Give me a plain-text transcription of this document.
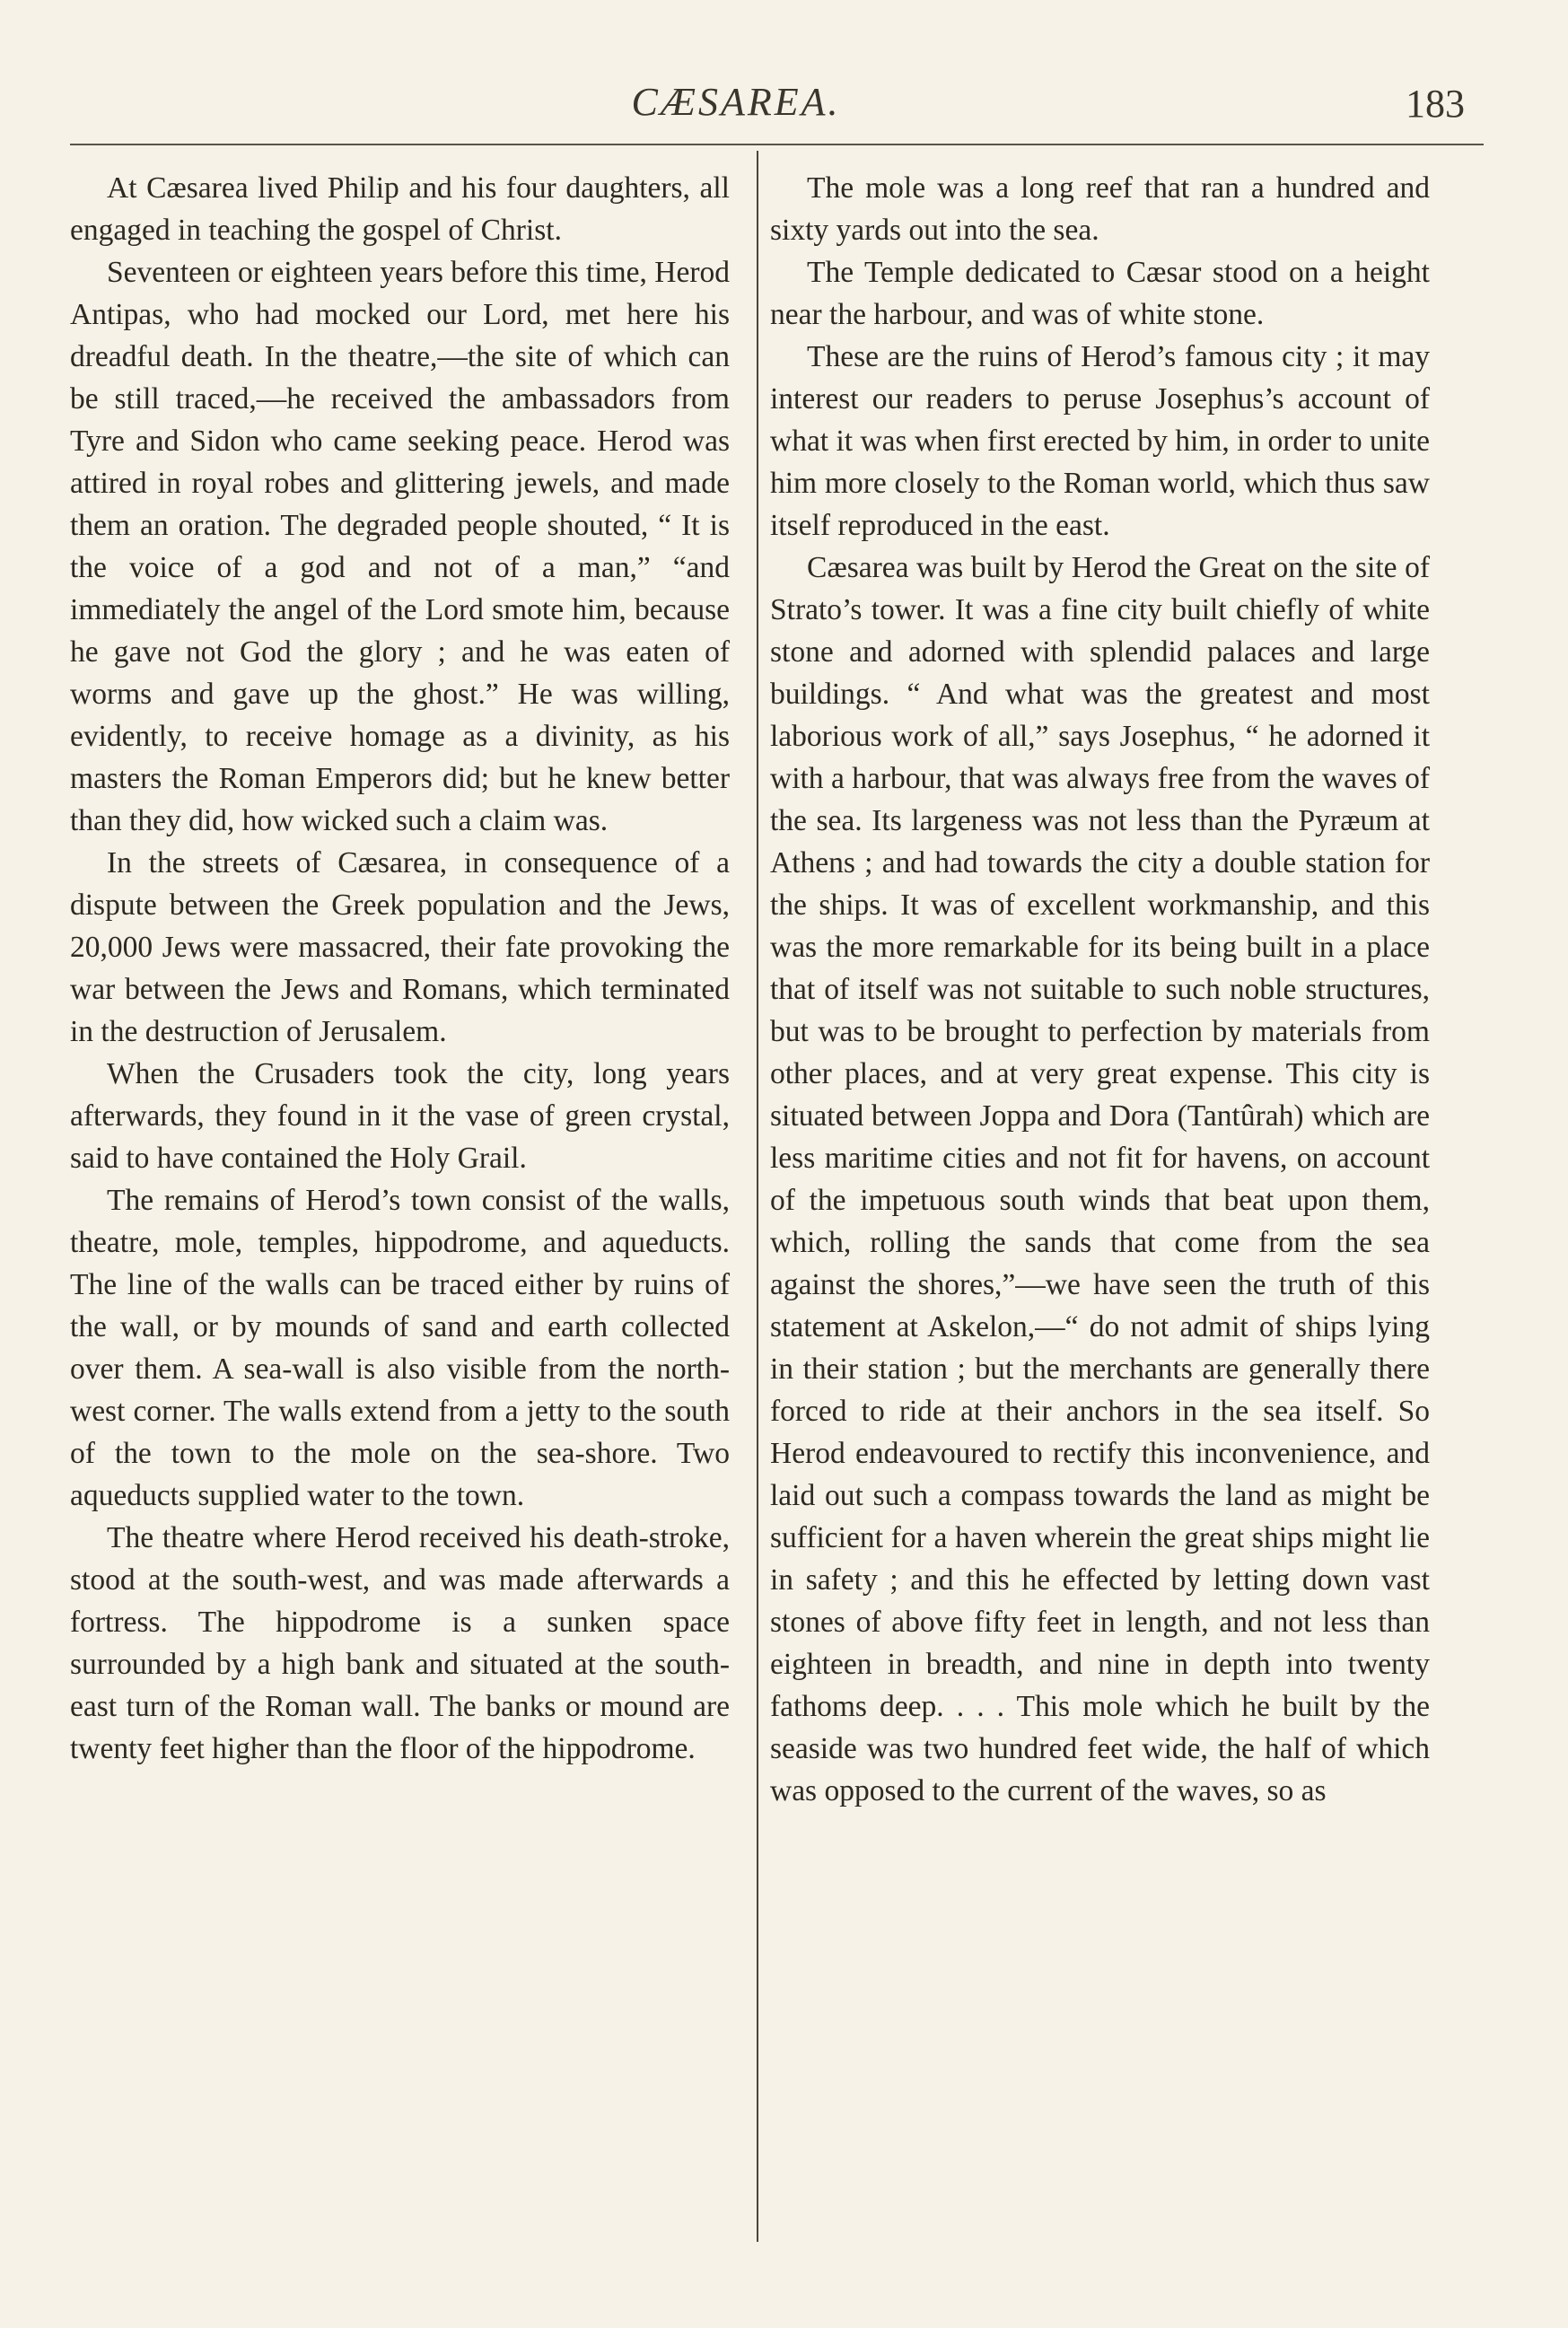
CÆSAREA.	183

At Cæsarea lived Philip and his four daughters, all engaged in teaching the gospel of Christ.

Seventeen or eighteen years before this time, Herod Antipas, who had mocked our Lord, met here his dreadful death. In the theatre,—the site of which can be still traced,—he received the ambassadors from Tyre and Sidon who came seeking peace. Herod was attired in royal robes and glittering jewels, and made them an oration. The degraded people shouted, “ It is the voice of a god and not of a man,” “and immediately the angel of the Lord smote him, because he gave not God the glory ; and he was eaten of worms and gave up the ghost.” He was willing, evidently, to receive homage as a divinity, as his masters the Roman Emperors did; but he knew better than they did, how wicked such a claim was.

In the streets of Cæsarea, in consequence of a dispute between the Greek population and the Jews, 20,000 Jews were massacred, their fate provoking the war between the Jews and Romans, which terminated in the destruction of Jerusalem.

When the Crusaders took the city, long years afterwards, they found in it the vase of green crystal, said to have contained the Holy Grail.

The remains of Herod’s town consist of the walls, theatre, mole, temples, hippodrome, and aqueducts. The line of the walls can be traced either by ruins of the wall, or by mounds of sand and earth collected over them. A sea-wall is also visible from the north-west corner. The walls extend from a jetty to the south of the town to the mole on the sea-shore. Two aqueducts supplied water to the town.

The theatre where Herod received his death-stroke, stood at the south-west, and was made afterwards a fortress. The hippodrome is a sunken space surrounded by a high bank and situated at the south-east turn of the Roman wall. The banks or mound are twenty feet higher than the floor of the hippodrome.

The mole was a long reef that ran a hundred and sixty yards out into the sea.

The Temple dedicated to Cæsar stood on a height near the harbour, and was of white stone.

These are the ruins of Herod’s famous city ; it may interest our readers to peruse Josephus’s account of what it was when first erected by him, in order to unite him more closely to the Roman world, which thus saw itself reproduced in the east.

Cæsarea was built by Herod the Great on the site of Strato’s tower. It was a fine city built chiefly of white stone and adorned with splendid palaces and large buildings. “ And what was the greatest and most laborious work of all,” says Josephus, “ he adorned it with a harbour, that was always free from the waves of the sea. Its largeness was not less than the Pyræum at Athens ; and had towards the city a double station for the ships. It was of excellent workmanship, and this was the more remarkable for its being built in a place that of itself was not suitable to such noble structures, but was to be brought to perfection by materials from other places, and at very great expense. This city is situated between Joppa and Dora (Tantûrah) which are less maritime cities and not fit for havens, on account of the impetuous south winds that beat upon them, which, rolling the sands that come from the sea against the shores,”—we have seen the truth of this statement at Askelon,—“ do not admit of ships lying in their station ; but the merchants are generally there forced to ride at their anchors in the sea itself. So Herod endeavoured to rectify this inconvenience, and laid out such a compass towards the land as might be sufficient for a haven wherein the great ships might lie in safety ; and this he effected by letting down vast stones of above fifty feet in length, and not less than eighteen in breadth, and nine in depth into twenty fathoms deep. . . . This mole which he built by the seaside was two hundred feet wide, the half of which was opposed to the current of the waves, so as
